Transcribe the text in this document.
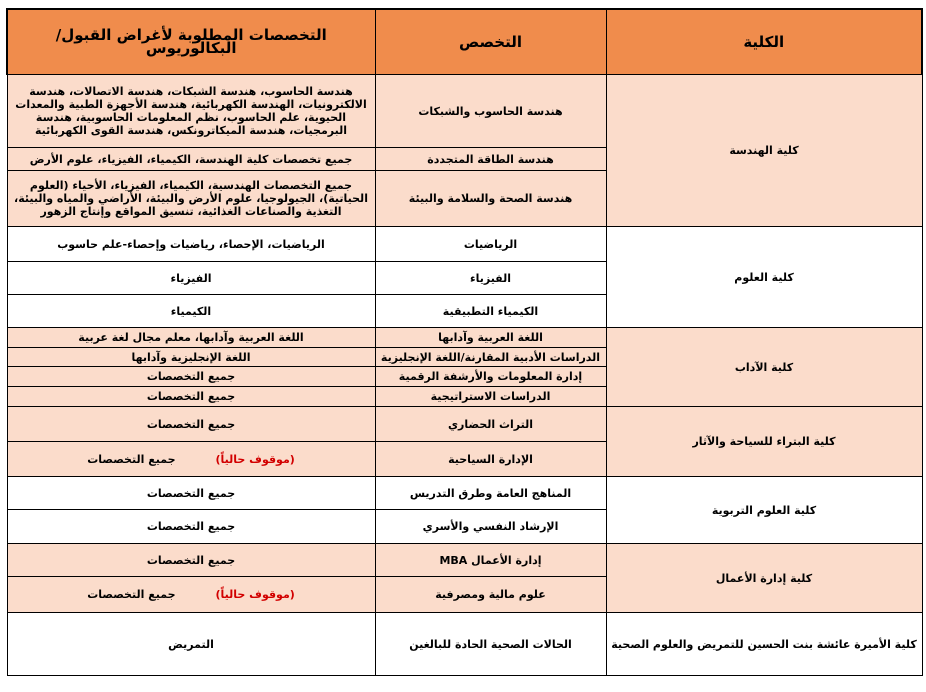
التخصصات المطلوبة لأغراض القبول/البكالوريوس	التخصص	الكلية
هندسة الحاسوب، هندسة الشبكات، هندسة الاتصالات، هندسة الالكترونيات، الهندسة الكهربائية، هندسة الأجهزة الطبية والمعدات الحيوية، علم الحاسوب، نظم المعلومات الحاسوبية، هندسة البرمجيات، هندسة الميكاترونكس، هندسة القوى الكهربائية	هندسة الحاسوب والشبكات	كلية الهندسة
جميع تخصصات كلية الهندسة، الكيمياء، الفيزياء، علوم الأرض	هندسة الطاقة المتجددة	
جميع التخصصات الهندسية، الكيمياء، الفيزياء، الأحياء (العلوم الحياتية)، الجيولوجيا، علوم الأرض والبيئة، الأراضي والمياه والبيئة، التغذية والصناعات الغذائية، تنسيق المواقع وإنتاج الزهور	هندسة الصحة والسلامة والبيئة	
الرياضيات، الإحصاء، رياضيات وإحصاء-علم حاسوب	الرياضيات	كلية العلوم
الفيزياء	الفيزياء	
الكيمياء	الكيمياء التطبيقية	
اللغة العربية وآدابها، معلم مجال لغة عربية	اللغة العربية وآدابها	كلية الآداب
اللغة الإنجليزية وآدابها	الدراسات الأدبية المقارنة/اللغة الإنجليزية	
جميع التخصصات	إدارة المعلومات والأرشفة الرقمية	
جميع التخصصات	الدراسات الاستراتيجية	
جميع التخصصات	التراث الحضاري	كلية البتراء للسياحة والآثار
(موقوف حالياً)جميع التخصصات	الإدارة السياحية	
جميع التخصصات	المناهج العامة وطرق التدريس	كلية العلوم التربوية
جميع التخصصات	الإرشاد النفسي والأسري	
جميع التخصصات	إدارة الأعمال MBA	كلية إدارة الأعمال
(موقوف حالياً)جميع التخصصات	علوم مالية ومصرفية	
التمريض	الحالات الصحية الحادة للبالغين	كلية الأميرة عائشة بنت الحسين للتمريض والعلوم الصحية
